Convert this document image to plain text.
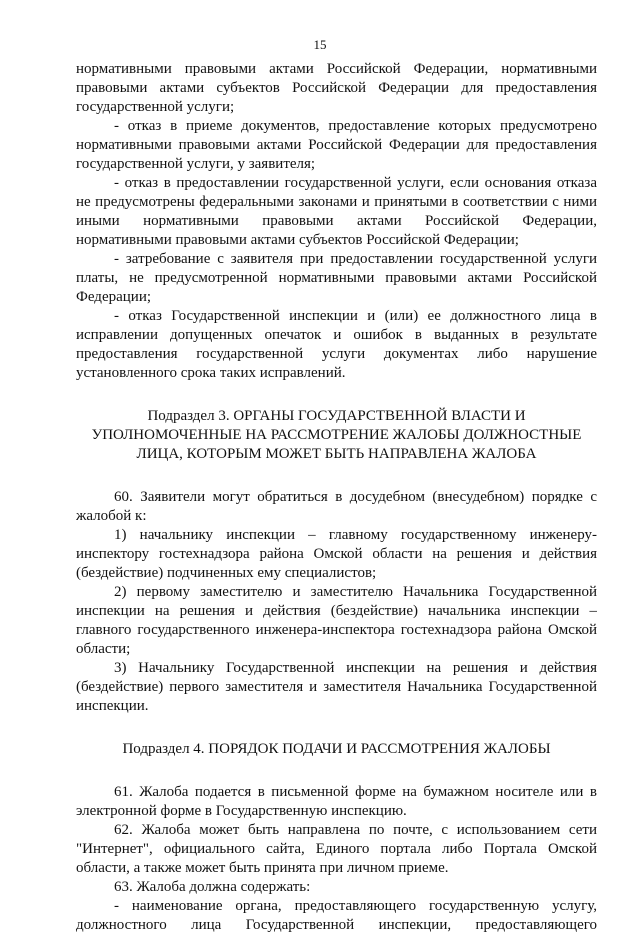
15
нормативными правовыми актами Российской Федерации, нормативными
правовыми актами субъектов Российской Федерации для предоставления
государственной услуги;
- отказ в приеме документов, предоставление которых предусмотрено
нормативными правовыми актами Российской Федерации для предоставления
государственной услуги, у заявителя;
- отказ в предоставлении государственной услуги, если основания отказа
не предусмотрены федеральными законами и принятыми в соответствии с ними
иными нормативными правовыми актами Российской Федерации,
нормативными правовыми актами субъектов Российской Федерации;
- затребование с заявителя при предоставлении государственной услуги
платы, не предусмотренной нормативными правовыми актами Российской
Федерации;
- отказ Государственной инспекции и (или) ее должностного лица в
исправлении допущенных опечаток и ошибок в выданных в результате
предоставления государственной услуги документах либо нарушение
установленного срока таких исправлений.
Подраздел 3. ОРГАНЫ ГОСУДАРСТВЕННОЙ ВЛАСТИ И
УПОЛНОМОЧЕННЫЕ НА РАССМОТРЕНИЕ ЖАЛОБЫ ДОЛЖНОСТНЫЕ
ЛИЦА, КОТОРЫМ МОЖЕТ БЫТЬ НАПРАВЛЕНА ЖАЛОБА
60. Заявители могут обратиться в досудебном (внесудебном) порядке с
жалобой к:
1) начальнику инспекции – главному государственному инженеру-
инспектору гостехнадзора района Омской области на решения и действия
(бездействие) подчиненных ему специалистов;
2) первому заместителю и заместителю Начальника Государственной
инспекции на решения и действия (бездействие) начальника инспекции –
главного государственного инженера-инспектора гостехнадзора района Омской
области;
3) Начальнику Государственной инспекции на решения и действия
(бездействие) первого заместителя и заместителя Начальника Государственной
инспекции.
Подраздел 4. ПОРЯДОК ПОДАЧИ И РАССМОТРЕНИЯ ЖАЛОБЫ
61. Жалоба подается в письменной форме на бумажном носителе или в
электронной форме в Государственную инспекцию.
62. Жалоба может быть направлена по почте, с использованием сети
"Интернет", официального сайта, Единого портала либо Портала Омской
области, а также может быть принята при личном приеме.
63. Жалоба должна содержать:
- наименование органа, предоставляющего государственную услугу,
должностного лица Государственной инспекции, предоставляющего
